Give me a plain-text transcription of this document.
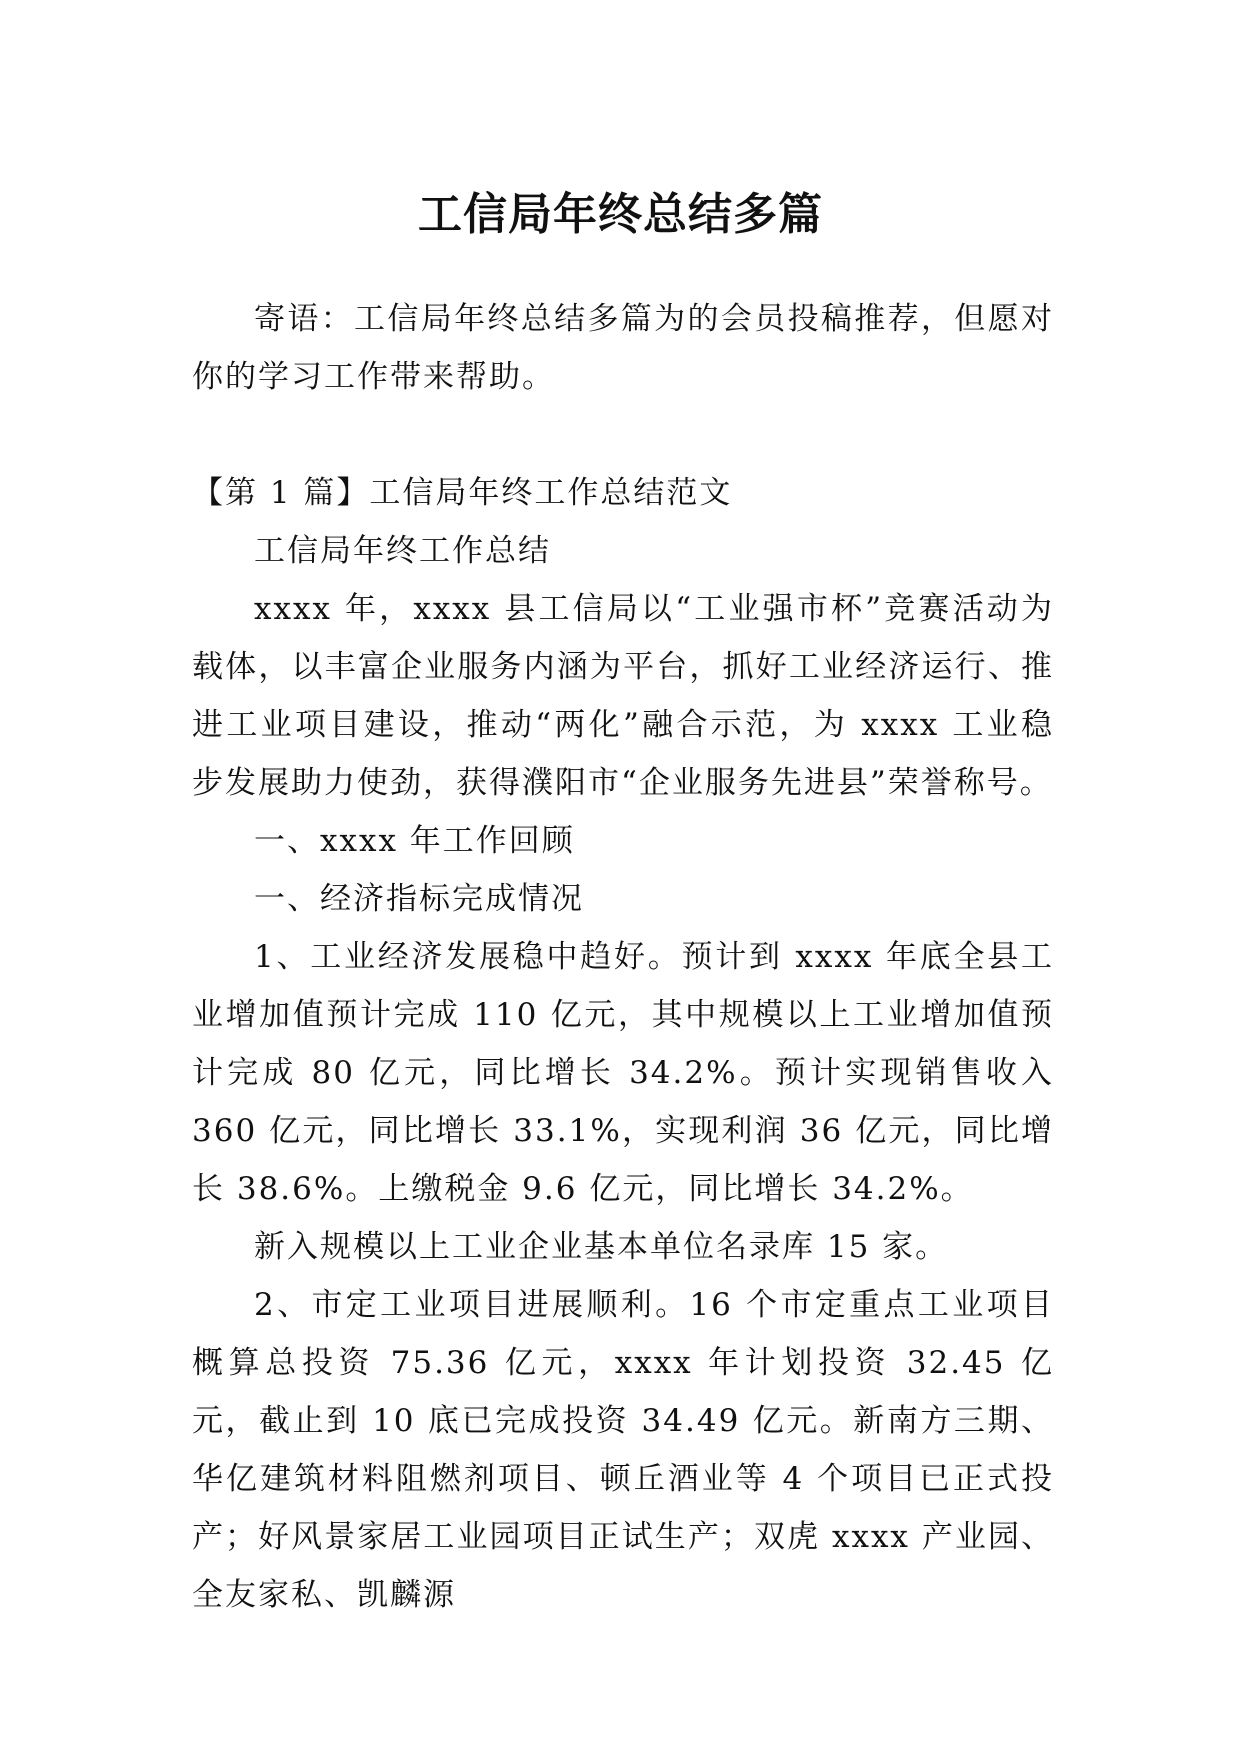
工信局年终总结多篇

寄语：工信局年终总结多篇为的会员投稿推荐，但愿对你的学习工作带来帮助。

【第 1 篇】工信局年终工作总结范文

工信局年终工作总结

xxxx 年，xxxx 县工信局以“工业强市杯”竞赛活动为载体，以丰富企业服务内涵为平台，抓好工业经济运行、推进工业项目建设，推动“两化”融合示范，为 xxxx 工业稳步发展助力使劲，获得濮阳市“企业服务先进县”荣誉称号。

一、xxxx 年工作回顾

一、经济指标完成情况

1、工业经济发展稳中趋好。预计到 xxxx 年底全县工业增加值预计完成 110 亿元，其中规模以上工业增加值预计完成 80 亿元，同比增长 34.2%。预计实现销售收入 360 亿元，同比增长 33.1%，实现利润 36 亿元，同比增长 38.6%。上缴税金 9.6 亿元，同比增长 34.2%。

新入规模以上工业企业基本单位名录库 15 家。

2、市定工业项目进展顺利。16 个市定重点工业项目概算总投资 75.36 亿元，xxxx 年计划投资 32.45 亿元，截止到 10 底已完成投资 34.49 亿元。新南方三期、华亿建筑材料阻燃剂项目、顿丘酒业等 4 个项目已正式投产；好风景家居工业园项目正试生产；双虎 xxxx 产业园、全友家私、凯麟源
